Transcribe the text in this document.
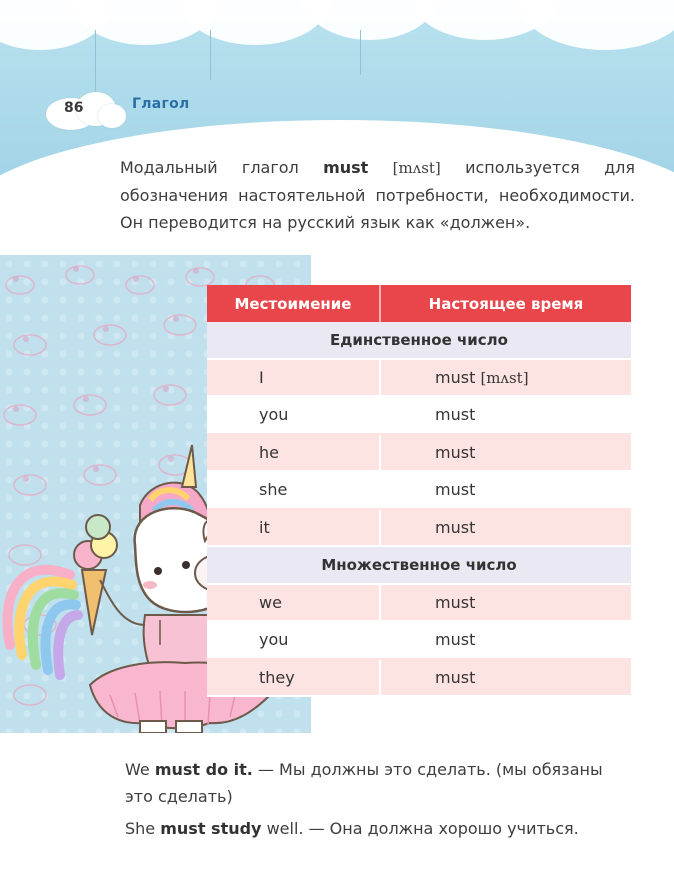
86	Глагол
Модальный глагол must [mʌst] используется для обозначения настоятельной потребности, необходимости. Он переводится на русский язык как «должен».
Местоимение	Настоящее время
Единственное число	
I	must [mʌst]
you	must
he	must
she	must
it	must
Множественное число	
we	must
you	must
they	must
We must do it. — Мы должны это сделать. (мы обязаны это сделать)
She must study well. — Она должна хорошо учиться.
